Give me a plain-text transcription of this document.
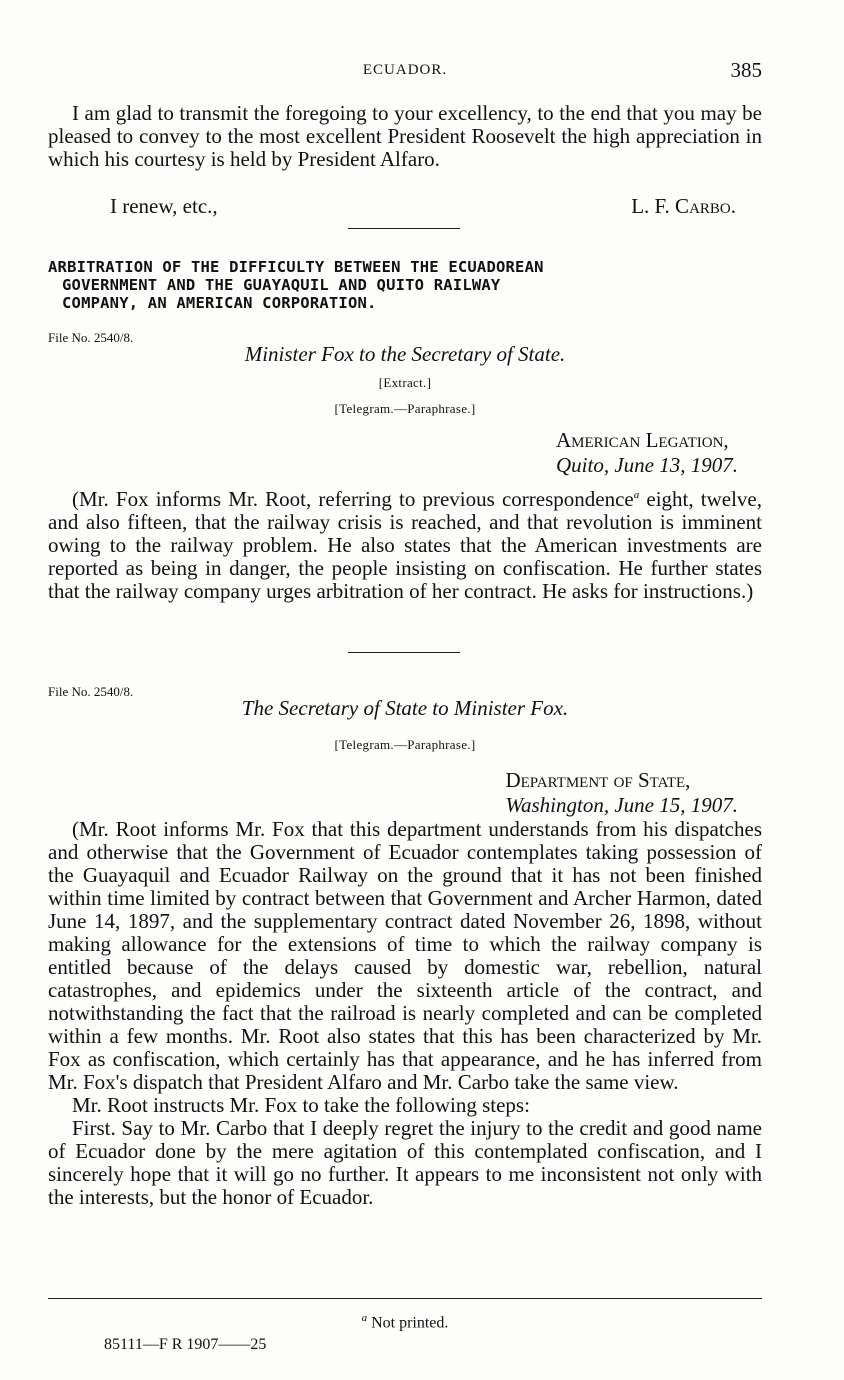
ECUADOR.	385

I am glad to transmit the foregoing to your excellency, to the end that you may be pleased to convey to the most excellent President Roosevelt the high appreciation in which his courtesy is held by President Alfaro.

I renew, etc.,	L. F. Carbo.
ARBITRATION OF THE DIFFICULTY BETWEEN THE ECUADOREAN
GOVERNMENT AND THE GUAYAQUIL AND QUITO RAILWAY
COMPANY, AN AMERICAN CORPORATION.
File No. 2540/8.
Minister Fox to the Secretary of State.
[Extract.]
[Telegram.—Paraphrase.]
American Legation,
Quito, June 13, 1907.

(Mr. Fox informs Mr. Root, referring to previous correspondence$^a$ eight, twelve, and also fifteen, that the railway crisis is reached, and that revolution is imminent owing to the railway problem. He also states that the American investments are reported as being in danger, the people insisting on confiscation. He further states that the railway company urges arbitration of her contract. He asks for instructions.)

File No. 2540/8.
The Secretary of State to Minister Fox.
[Telegram.—Paraphrase.]
Department of State,
Washington, June 15, 1907.

(Mr. Root informs Mr. Fox that this department understands from his dispatches and otherwise that the Government of Ecuador contemplates taking possession of the Guayaquil and Ecuador Railway on the ground that it has not been finished within time limited by contract between that Government and Archer Harmon, dated June 14, 1897, and the supplementary contract dated November 26, 1898, without making allowance for the extensions of time to which the railway company is entitled because of the delays caused by domestic war, rebellion, natural catastrophes, and epidemics under the sixteenth article of the contract, and notwithstanding the fact that the railroad is nearly completed and can be completed within a few months. Mr. Root also states that this has been characterized by Mr. Fox as confiscation, which certainly has that appearance, and he has inferred from Mr. Fox's dispatch that President Alfaro and Mr. Carbo take the same view.

Mr. Root instructs Mr. Fox to take the following steps:

First. Say to Mr. Carbo that I deeply regret the injury to the credit and good name of Ecuador done by the mere agitation of this contemplated confiscation, and I sincerely hope that it will go no further. It appears to me inconsistent not only with the interests, but the honor of Ecuador.

$^a$ Not printed.
85111—F R 1907——25
